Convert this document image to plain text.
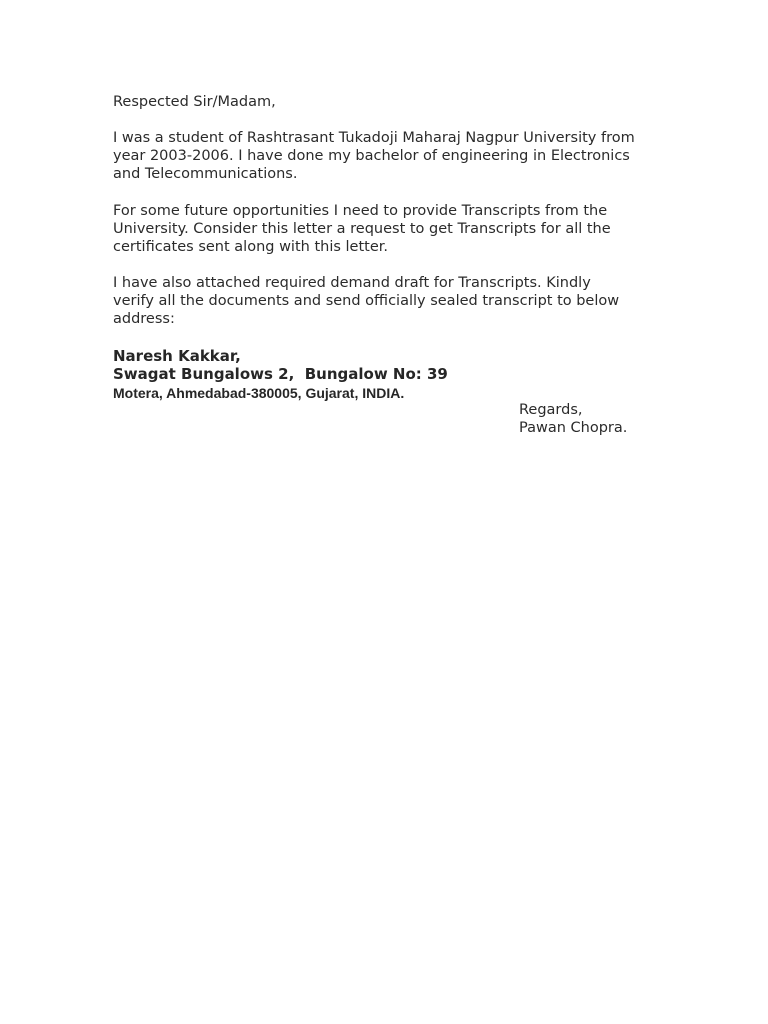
Respected Sir/Madam,
I was a student of Rashtrasant Tukadoji Maharaj Nagpur University from
year 2003-2006. I have done my bachelor of engineering in Electronics
and Telecommunications.
For some future opportunities I need to provide Transcripts from the
University. Consider this letter a request to get Transcripts for all the
certificates sent along with this letter.
I have also attached required demand draft for Transcripts. Kindly
verify all the documents and send officially sealed transcript to below
address:
Naresh Kakkar,
Swagat Bungalows 2,  Bungalow No: 39
Motera, Ahmedabad-380005, Gujarat, INDIA.
Regards,
Pawan Chopra.
